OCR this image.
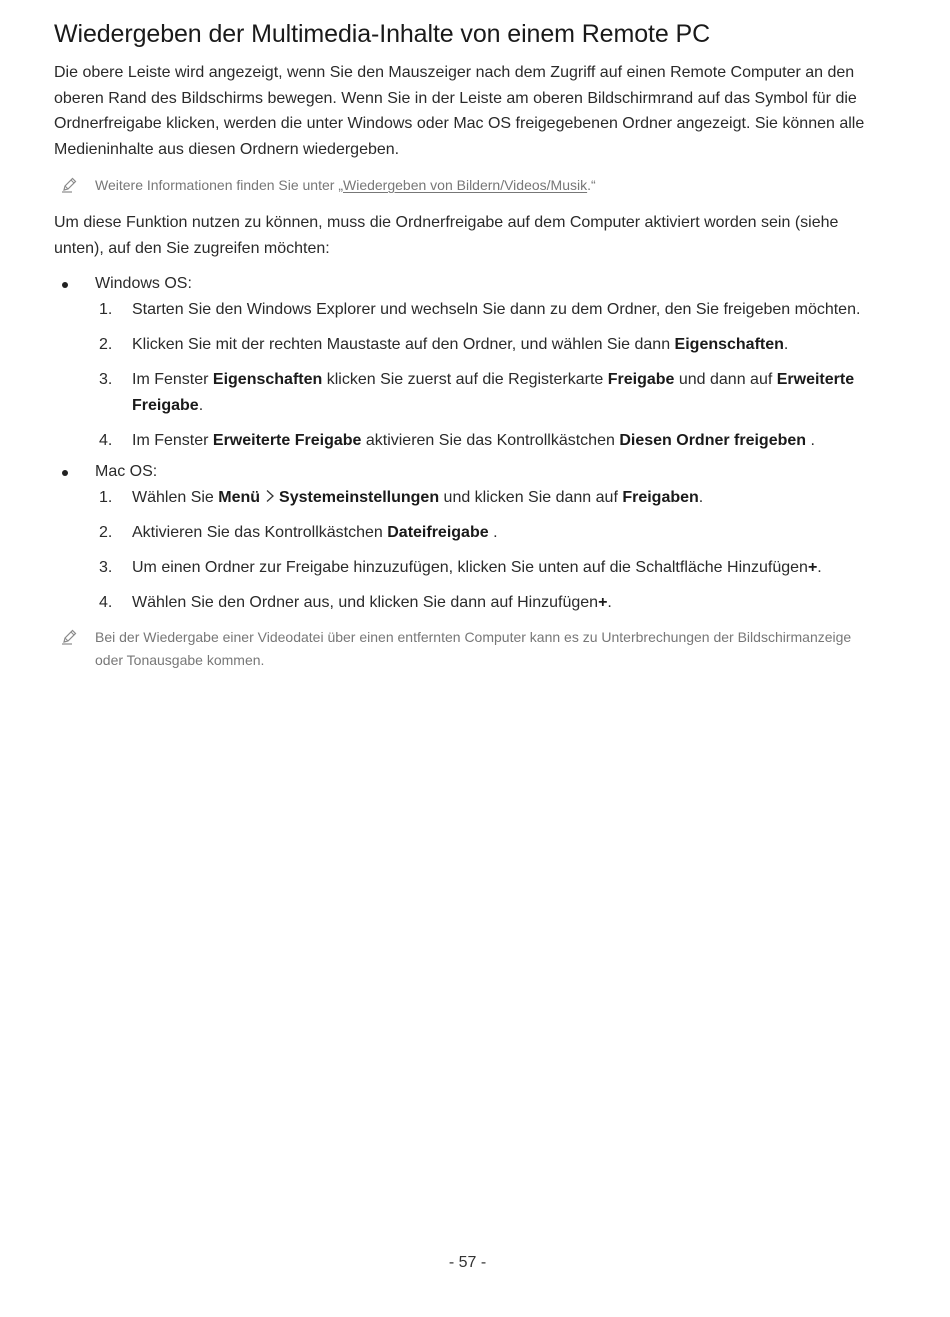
Wiedergeben der Multimedia-Inhalte von einem Remote PC

Die obere Leiste wird angezeigt, wenn Sie den Mauszeiger nach dem Zugriff auf einen Remote Computer an den oberen Rand des Bildschirms bewegen. Wenn Sie in der Leiste am oberen Bildschirmrand auf das Symbol für die Ordnerfreigabe klicken, werden die unter Windows oder Mac OS freigegebenen Ordner angezeigt. Sie können alle Medieninhalte aus diesen Ordnern wiedergeben.

Weitere Informationen finden Sie unter „Wiedergeben von Bildern/Videos/Musik.“

Um diese Funktion nutzen zu können, muss die Ordnerfreigabe auf dem Computer aktiviert worden sein (siehe unten), auf den Sie zugreifen möchten:

Windows OS:
1. Starten Sie den Windows Explorer und wechseln Sie dann zu dem Ordner, den Sie freigeben möchten.
2. Klicken Sie mit der rechten Maustaste auf den Ordner, und wählen Sie dann Eigenschaften.
3. Im Fenster Eigenschaften klicken Sie zuerst auf die Registerkarte Freigabe und dann auf Erweiterte Freigabe.
4. Im Fenster Erweiterte Freigabe aktivieren Sie das Kontrollkästchen Diesen Ordner freigeben .
Mac OS:
1. Wählen Sie Menü Systemeinstellungen und klicken Sie dann auf Freigaben.
2. Aktivieren Sie das Kontrollkästchen Dateifreigabe .
3. Um einen Ordner zur Freigabe hinzuzufügen, klicken Sie unten auf die Schaltfläche Hinzufügen+.
4. Wählen Sie den Ordner aus, und klicken Sie dann auf Hinzufügen+.
Bei der Wiedergabe einer Videodatei über einen entfernten Computer kann es zu Unterbrechungen der Bildschirmanzeige oder Tonausgabe kommen.
- 57 -
